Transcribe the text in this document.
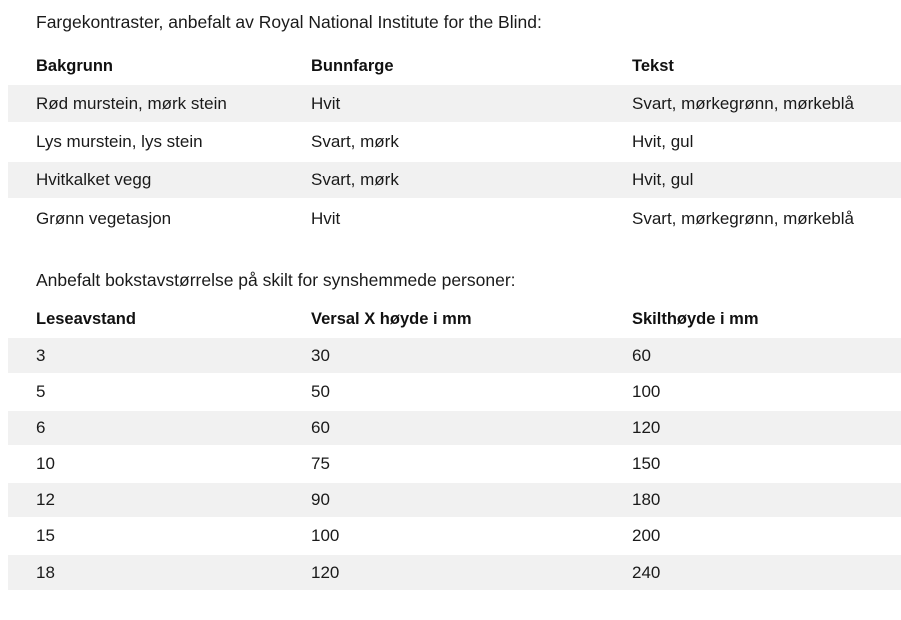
Fargekontraster, anbefalt av Royal National Institute for the Blind:
Bakgrunn	Bunnfarge	Tekst
Rød murstein, mørk stein	Hvit	Svart, mørkegrønn, mørkeblå
Lys murstein, lys stein	Svart, mørk	Hvit, gul
Hvitkalket vegg	Svart, mørk	Hvit, gul
Grønn vegetasjon	Hvit	Svart, mørkegrønn, mørkeblå
Anbefalt bokstavstørrelse på skilt for synshemmede personer:
Leseavstand	Versal X høyde i mm	Skilthøyde i mm
3	30	60
5	50	100
6	60	120
10	75	150
12	90	180
15	100	200
18	120	240
